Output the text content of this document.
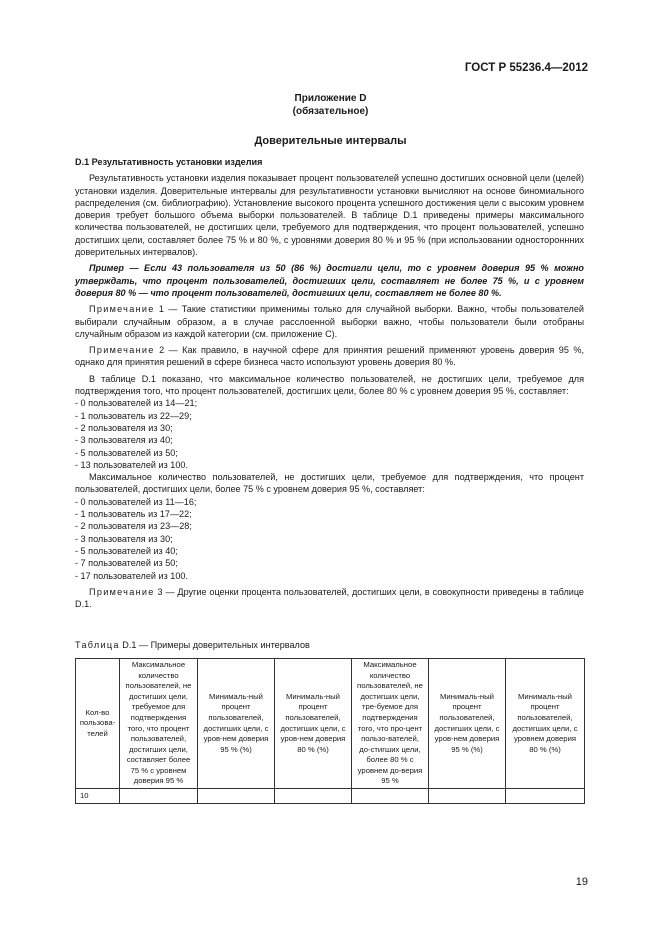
ГОСТ Р 55236.4—2012
Приложение D
(обязательное)
Доверительные интервалы

D.1 Результативность установки изделия

Результативность установки изделия показывает процент пользователей успешно достигших основной цели (целей) установки изделия. Доверительные интервалы для результативности установки вычисляют на основе биномиального распределения (см. библиографию). Установление высокого процента успешного достижения цели с высоким уровнем доверия требует большого объема выборки пользователей. В таблице D.1 приведены примеры максимального количества пользователей, не достигших цели, требуемого для подтверждения, что процент пользователей, успешно достигших цели, составляет более 75 % и 80 %, с уровнями доверия 80 % и 95 % (при использовании одностороннних доверительных интервалов).

Пример — Если 43 пользователя из 50 (86 %) достигли цели, то с уровнем доверия 95 % можно утверждать, что процент пользователей, достигших цели, составляет не более 75 %, и с уровнем доверия 80 % — что процент пользователей, достигших цели, составляет не более 80 %.

Примечание 1 — Такие статистики применимы только для случайной выборки. Важно, чтобы пользователей выбирали случайным образом, а в случае расслоенной выборки важно, чтобы пользователи были отобраны случайным образом из каждой категории (см. приложение С).

Примечание 2 — Как правило, в научной сфере для принятия решений применяют уровень доверия 95 %, однако для принятия решений в сфере бизнеса часто используют уровень доверия 80 %.

В таблице D.1 показано, что максимальное количество пользователей, не достигших цели, требуемое для подтверждения того, что процент пользователей, достигших цели, более 80 % с уровнем доверия 95 %, составляет:

- 0 пользователей из 14—21;
- 1 пользователь из 22—29;
- 2 пользователя из 30;
- 3 пользователя из 40;
- 5 пользователей из 50;
- 13 пользователей из 100.

Максимальное количество пользователей, не достигших цели, требуемое для подтверждения, что процент пользователей, достигших цели, более 75 % с уровнем доверия 95 %, составляет:

- 0 пользователей из 11—16;
- 1 пользователь из 17—22;
- 2 пользователя из 23—28;
- 3 пользователя из 30;
- 5 пользователей из 40;
- 7 пользователей из 50;
- 17 пользователей из 100.

Примечание 3 — Другие оценки процента пользователей, достигших цели, в совокупности приведены в таблице D.1.

Таблица D.1 — Примеры доверительных интервалов
Кол-во пользова-телей	Максимальное количество пользователей, не достигших цели, требуемое для подтверждения того, что процент пользователей, достигших цели, составляет более 75 % с уровнем доверия 95 %	Минималь-ный процент пользователей, достигших цели, с уров-нем доверия 95 % (%)	Минималь-ный процент пользователей, достигших цели, с уров-нем доверия 80 % (%)	Максимальное количество пользователей, не достигших цели, тре-буемое для подтверждения того, что про-цент пользо-вателей, до-стигших цели, более 80 % с уровнем до-верия 95 %	Минималь-ный процент пользователей, достигших цели, с уров-нем доверия 95 % (%)	Минималь-ный процент пользователей, достигших цели, с уровнем доверия 80 % (%)
10						
19
